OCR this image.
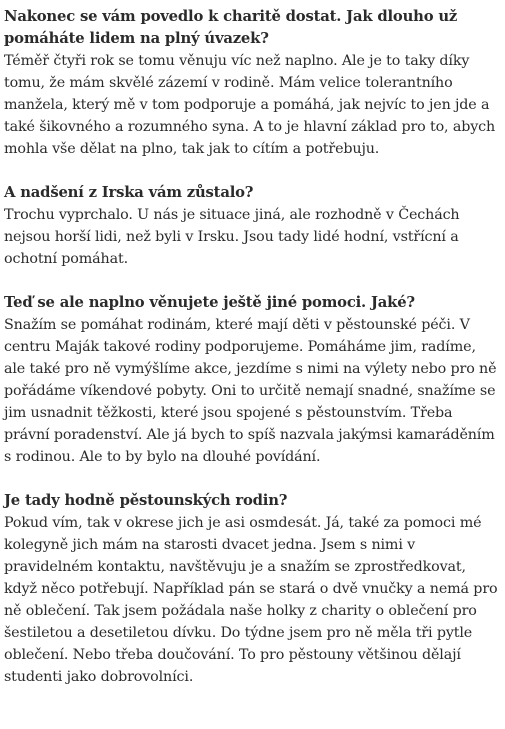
Nakonec se vám povedlo k charitě dostat. Jak dlouho už pomáháte lidem na plný úvazek?

Téměř čtyři rok se tomu věnuju víc než naplno. Ale je to taky díky tomu, že mám skvělé zázemí v rodině. Mám velice tolerantního manžela, který mě v tom podporuje a pomáhá, jak nejvíc to jen jde a také šikovného a rozumného syna. A to je hlavní základ pro to, abych mohla vše dělat na plno, tak jak to cítím a potřebuju.

A nadšení z Irska vám zůstalo?

Trochu vyprchalo. U nás je situace jiná, ale rozhodně v Čechách nejsou horší lidi, než byli v Irsku. Jsou tady lidé hodní, vstřícní a ochotní pomáhat.

Teď se ale naplno věnujete ještě jiné pomoci. Jaké?

Snažím se pomáhat rodinám, které mají děti v pěstounské péči. V centru Maják takové rodiny podporujeme. Pomáháme jim, radíme, ale také pro ně vymýšlíme akce, jezdíme s nimi na výlety nebo pro ně pořádáme víkendové pobyty. Oni to určitě nemají snadné, snažíme se jim usnadnit těžkosti, které jsou spojené s pěstounstvím. Třeba právní poradenství. Ale já bych to spíš nazvala jakýmsi kamaráděním s rodinou. Ale to by bylo na dlouhé povídání.

Je tady hodně pěstounských rodin?

Pokud vím, tak v okrese jich je asi osmdesát. Já, také za pomoci mé kolegyně jich mám na starosti dvacet jedna. Jsem s nimi v pravidelném kontaktu, navštěvuju je a snažím se zprostředkovat, když něco potřebují. Například pán se stará o dvě vnučky a nemá pro ně oblečení. Tak jsem požádala naše holky z charity o oblečení pro šestiletou a desetiletou dívku. Do týdne jsem pro ně měla tři pytle oblečení. Nebo třeba doučování. To pro pěstouny většinou dělají studenti jako dobrovolníci.
